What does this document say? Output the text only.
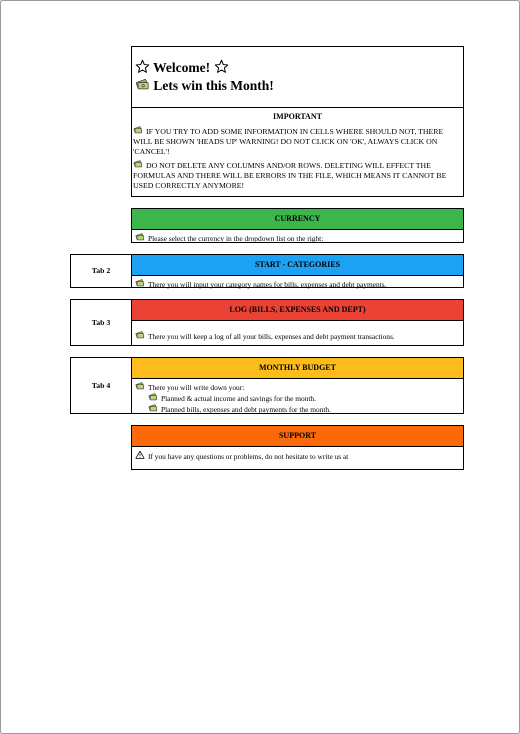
Welcome!
Lets win this Month!
IMPORTANT
IF YOU TRY TO ADD SOME INFORMATION IN CELLS WHERE SHOULD NOT, THERE WILL BE SHOWN 'HEADS UP' WARNING! DO NOT CLICK ON 'OK', ALWAYS CLICK ON 'CANCEL'!
DO NOT DELETE ANY COLUMNS AND/OR ROWS. DELETING WILL EFFECT THE FORMULAS AND THERE WILL BE ERRORS IN THE FILE, WHICH MEANS IT CANNOT BE USED CORRECTLY ANYMORE!
CURRENCY
Please select the currency in the dropdown list on the right:
Tab 2
START - CATEGORIES
There you will input your category names for bills, expenses and debt payments.
Tab 3
LOG (BILLS, EXPENSES AND DEPT)
There you will keep a log of all your bills, expenses and debt payment transactions.
Tab 4
MONTHLY BUDGET
There you will write down your:
Planned & actual income and savings for the month.
Planned bills, expenses and debt payments for the month.
SUPPORT
If you have any questions or problems, do not hesitate to write us at
